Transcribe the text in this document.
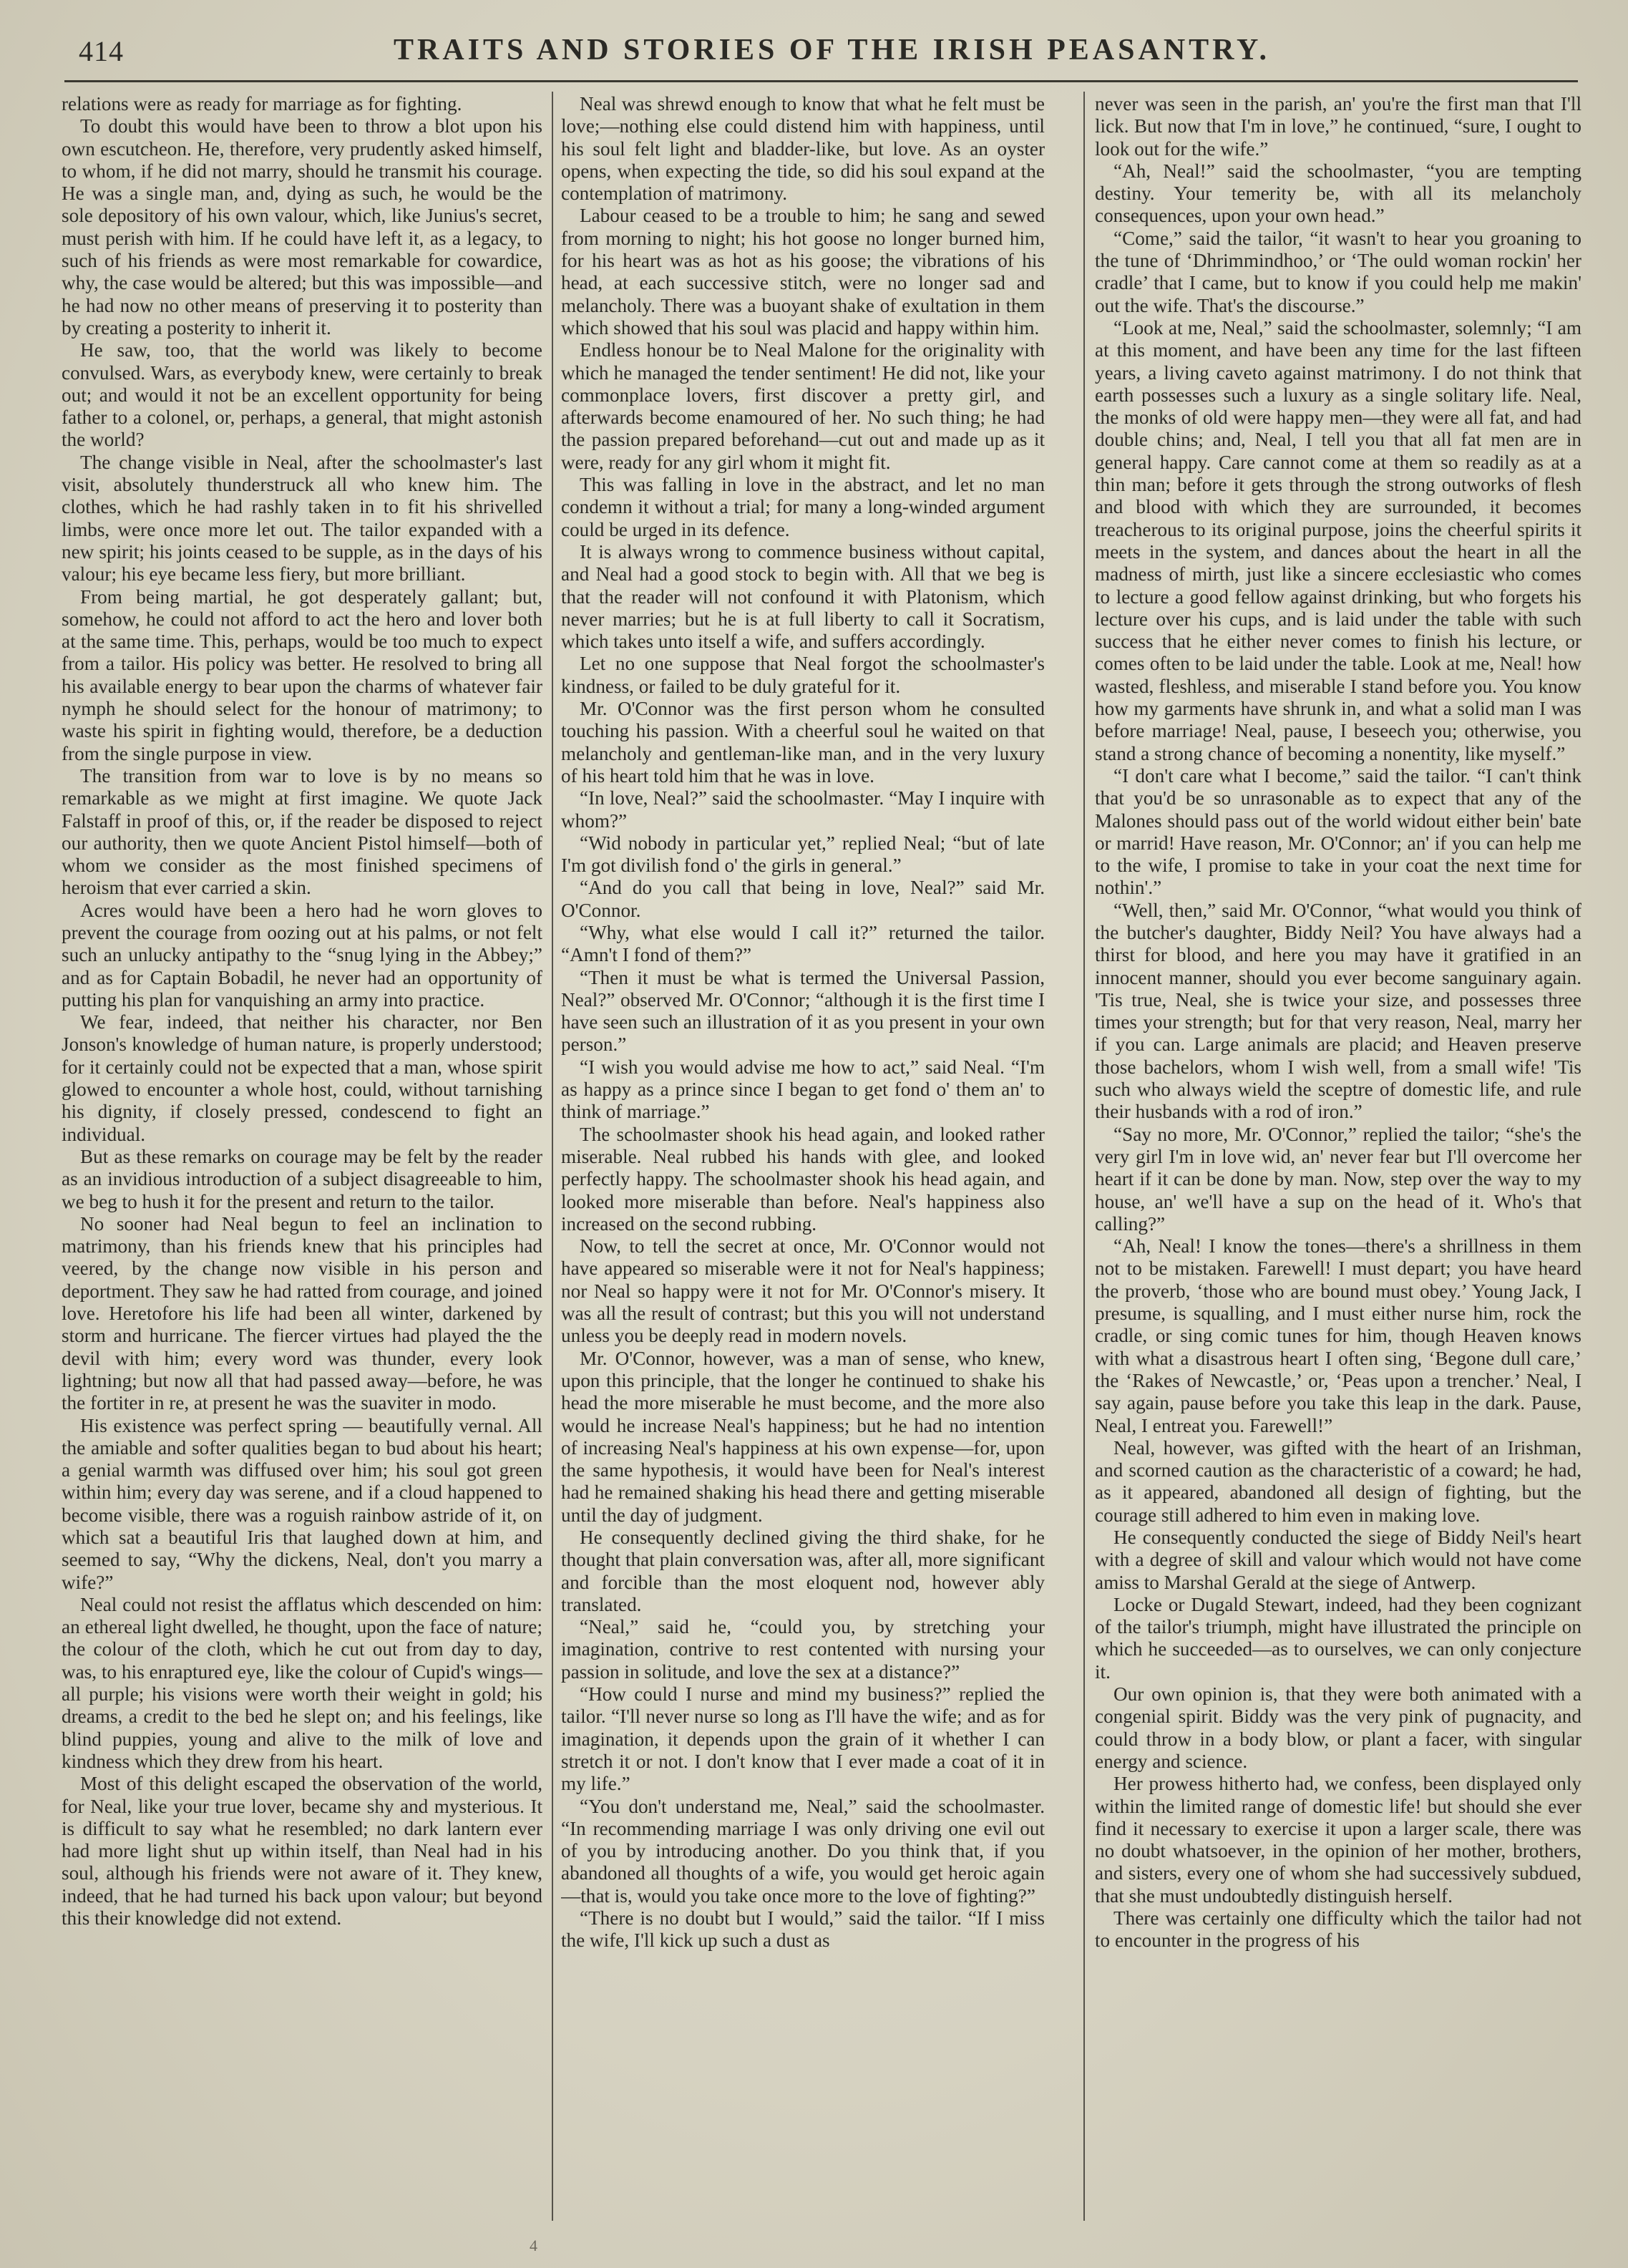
414	TRAITS AND STORIES OF THE IRISH PEASANTRY.

relations were as ready for marriage as for fighting.

To doubt this would have been to throw a blot upon his own escutcheon. He, therefore, very prudently asked himself, to whom, if he did not marry, should he transmit his courage. He was a single man, and, dying as such, he would be the sole depository of his own valour, which, like Junius's secret, must perish with him. If he could have left it, as a legacy, to such of his friends as were most remarkable for cowardice, why, the case would be altered; but this was impossible—and he had now no other means of preserving it to posterity than by creating a posterity to inherit it.

He saw, too, that the world was likely to become convulsed. Wars, as everybody knew, were certainly to break out; and would it not be an excellent opportunity for being father to a colonel, or, perhaps, a general, that might astonish the world?

The change visible in Neal, after the schoolmaster's last visit, absolutely thunderstruck all who knew him. The clothes, which he had rashly taken in to fit his shrivelled limbs, were once more let out. The tailor expanded with a new spirit; his joints ceased to be supple, as in the days of his valour; his eye became less fiery, but more brilliant.

From being martial, he got desperately gallant; but, somehow, he could not afford to act the hero and lover both at the same time. This, perhaps, would be too much to expect from a tailor. His policy was better. He resolved to bring all his available energy to bear upon the charms of whatever fair nymph he should select for the honour of matrimony; to waste his spirit in fighting would, therefore, be a deduction from the single purpose in view.

The transition from war to love is by no means so remarkable as we might at first imagine. We quote Jack Falstaff in proof of this, or, if the reader be disposed to reject our authority, then we quote Ancient Pistol himself—both of whom we consider as the most finished specimens of heroism that ever carried a skin.

Acres would have been a hero had he worn gloves to prevent the courage from oozing out at his palms, or not felt such an unlucky antipathy to the “snug lying in the Abbey;” and as for Captain Bobadil, he never had an opportunity of putting his plan for vanquishing an army into practice.

We fear, indeed, that neither his character, nor Ben Jonson's knowledge of human nature, is properly understood; for it certainly could not be expected that a man, whose spirit glowed to encounter a whole host, could, without tarnishing his dignity, if closely pressed, condescend to fight an individual.

But as these remarks on courage may be felt by the reader as an invidious introduction of a subject disagreeable to him, we beg to hush it for the present and return to the tailor.

No sooner had Neal begun to feel an inclination to matrimony, than his friends knew that his principles had veered, by the change now visible in his person and deportment. They saw he had ratted from courage, and joined love. Heretofore his life had been all winter, darkened by storm and hurricane. The fiercer virtues had played the the devil with him; every word was thunder, every look lightning; but now all that had passed away—before, he was the fortiter in re, at present he was the suaviter in modo.

His existence was perfect spring — beautifully vernal. All the amiable and softer qualities began to bud about his heart; a genial warmth was diffused over him; his soul got green within him; every day was serene, and if a cloud happened to become visible, there was a roguish rainbow astride of it, on which sat a beautiful Iris that laughed down at him, and seemed to say, “Why the dickens, Neal, don't you marry a wife?”

Neal could not resist the afflatus which descended on him: an ethereal light dwelled, he thought, upon the face of nature; the colour of the cloth, which he cut out from day to day, was, to his enraptured eye, like the colour of Cupid's wings—all purple; his visions were worth their weight in gold; his dreams, a credit to the bed he slept on; and his feelings, like blind puppies, young and alive to the milk of love and kindness which they drew from his heart.

Most of this delight escaped the observation of the world, for Neal, like your true lover, became shy and mysterious. It is difficult to say what he resembled; no dark lantern ever had more light shut up within itself, than Neal had in his soul, although his friends were not aware of it. They knew, indeed, that he had turned his back upon valour; but beyond this their knowledge did not extend.

Neal was shrewd enough to know that what he felt must be love;—nothing else could distend him with happiness, until his soul felt light and bladder-like, but love. As an oyster opens, when expecting the tide, so did his soul expand at the contemplation of matrimony.

Labour ceased to be a trouble to him; he sang and sewed from morning to night; his hot goose no longer burned him, for his heart was as hot as his goose; the vibrations of his head, at each successive stitch, were no longer sad and melancholy. There was a buoyant shake of exultation in them which showed that his soul was placid and happy within him.

Endless honour be to Neal Malone for the originality with which he managed the tender sentiment! He did not, like your commonplace lovers, first discover a pretty girl, and afterwards become enamoured of her. No such thing; he had the passion prepared beforehand—cut out and made up as it were, ready for any girl whom it might fit.

This was falling in love in the abstract, and let no man condemn it without a trial; for many a long-winded argument could be urged in its defence.

It is always wrong to commence business without capital, and Neal had a good stock to begin with. All that we beg is that the reader will not confound it with Platonism, which never marries; but he is at full liberty to call it Socratism, which takes unto itself a wife, and suffers accordingly.

Let no one suppose that Neal forgot the schoolmaster's kindness, or failed to be duly grateful for it.

Mr. O'Connor was the first person whom he consulted touching his passion. With a cheerful soul he waited on that melancholy and gentleman-like man, and in the very luxury of his heart told him that he was in love.

“In love, Neal?” said the schoolmaster. “May I inquire with whom?”

“Wid nobody in particular yet,” replied Neal; “but of late I'm got divilish fond o' the girls in general.”

“And do you call that being in love, Neal?” said Mr. O'Connor.

“Why, what else would I call it?” returned the tailor. “Amn't I fond of them?”

“Then it must be what is termed the Universal Passion, Neal?” observed Mr. O'Connor; “although it is the first time I have seen such an illustration of it as you present in your own person.”

“I wish you would advise me how to act,” said Neal. “I'm as happy as a prince since I began to get fond o' them an' to think of marriage.”

The schoolmaster shook his head again, and looked rather miserable. Neal rubbed his hands with glee, and looked perfectly happy. The schoolmaster shook his head again, and looked more miserable than before. Neal's happiness also increased on the second rubbing.

Now, to tell the secret at once, Mr. O'Connor would not have appeared so miserable were it not for Neal's happiness; nor Neal so happy were it not for Mr. O'Connor's misery. It was all the result of contrast; but this you will not understand unless you be deeply read in modern novels.

Mr. O'Connor, however, was a man of sense, who knew, upon this principle, that the longer he continued to shake his head the more miserable he must become, and the more also would he increase Neal's happiness; but he had no intention of increasing Neal's happiness at his own expense—for, upon the same hypothesis, it would have been for Neal's interest had he remained shaking his head there and getting miserable until the day of judgment.

He consequently declined giving the third shake, for he thought that plain conversation was, after all, more significant and forcible than the most eloquent nod, however ably translated.

“Neal,” said he, “could you, by stretching your imagination, contrive to rest contented with nursing your passion in solitude, and love the sex at a distance?”

“How could I nurse and mind my business?” replied the tailor. “I'll never nurse so long as I'll have the wife; and as for imagination, it depends upon the grain of it whether I can stretch it or not. I don't know that I ever made a coat of it in my life.”

“You don't understand me, Neal,” said the schoolmaster. “In recommending marriage I was only driving one evil out of you by introducing another. Do you think that, if you abandoned all thoughts of a wife, you would get heroic again—that is, would you take once more to the love of fighting?”

“There is no doubt but I would,” said the tailor. “If I miss the wife, I'll kick up such a dust as

never was seen in the parish, an' you're the first man that I'll lick. But now that I'm in love,” he continued, “sure, I ought to look out for the wife.”

“Ah, Neal!” said the schoolmaster, “you are tempting destiny. Your temerity be, with all its melancholy consequences, upon your own head.”

“Come,” said the tailor, “it wasn't to hear you groaning to the tune of ‘Dhrimmindhoo,’ or ‘The ould woman rockin' her cradle’ that I came, but to know if you could help me makin' out the wife. That's the discourse.”

“Look at me, Neal,” said the schoolmaster, solemnly; “I am at this moment, and have been any time for the last fifteen years, a living caveto against matrimony. I do not think that earth possesses such a luxury as a single solitary life. Neal, the monks of old were happy men—they were all fat, and had double chins; and, Neal, I tell you that all fat men are in general happy. Care cannot come at them so readily as at a thin man; before it gets through the strong outworks of flesh and blood with which they are surrounded, it becomes treacherous to its original purpose, joins the cheerful spirits it meets in the system, and dances about the heart in all the madness of mirth, just like a sincere ecclesiastic who comes to lecture a good fellow against drinking, but who forgets his lecture over his cups, and is laid under the table with such success that he either never comes to finish his lecture, or comes often to be laid under the table. Look at me, Neal! how wasted, fleshless, and miserable I stand before you. You know how my garments have shrunk in, and what a solid man I was before marriage! Neal, pause, I beseech you; otherwise, you stand a strong chance of becoming a nonentity, like myself.”

“I don't care what I become,” said the tailor. “I can't think that you'd be so unrasonable as to expect that any of the Malones should pass out of the world widout either bein' bate or marrid! Have reason, Mr. O'Connor; an' if you can help me to the wife, I promise to take in your coat the next time for nothin'.”

“Well, then,” said Mr. O'Connor, “what would you think of the butcher's daughter, Biddy Neil? You have always had a thirst for blood, and here you may have it gratified in an innocent manner, should you ever become sanguinary again. 'Tis true, Neal, she is twice your size, and possesses three times your strength; but for that very reason, Neal, marry her if you can. Large animals are placid; and Heaven preserve those bachelors, whom I wish well, from a small wife! 'Tis such who always wield the sceptre of domestic life, and rule their husbands with a rod of iron.”

“Say no more, Mr. O'Connor,” replied the tailor; “she's the very girl I'm in love wid, an' never fear but I'll overcome her heart if it can be done by man. Now, step over the way to my house, an' we'll have a sup on the head of it. Who's that calling?”

“Ah, Neal! I know the tones—there's a shrillness in them not to be mistaken. Farewell! I must depart; you have heard the proverb, ‘those who are bound must obey.’ Young Jack, I presume, is squalling, and I must either nurse him, rock the cradle, or sing comic tunes for him, though Heaven knows with what a disastrous heart I often sing, ‘Begone dull care,’ the ‘Rakes of Newcastle,’ or, ‘Peas upon a trencher.’ Neal, I say again, pause before you take this leap in the dark. Pause, Neal, I entreat you. Farewell!”

Neal, however, was gifted with the heart of an Irishman, and scorned caution as the characteristic of a coward; he had, as it appeared, abandoned all design of fighting, but the courage still adhered to him even in making love.

He consequently conducted the siege of Biddy Neil's heart with a degree of skill and valour which would not have come amiss to Marshal Gerald at the siege of Antwerp.

Locke or Dugald Stewart, indeed, had they been cognizant of the tailor's triumph, might have illustrated the principle on which he succeeded—as to ourselves, we can only conjecture it.

Our own opinion is, that they were both animated with a congenial spirit. Biddy was the very pink of pugnacity, and could throw in a body blow, or plant a facer, with singular energy and science.

Her prowess hitherto had, we confess, been displayed only within the limited range of domestic life! but should she ever find it necessary to exercise it upon a larger scale, there was no doubt whatsoever, in the opinion of her mother, brothers, and sisters, every one of whom she had successively subdued, that she must undoubtedly distinguish herself.

There was certainly one difficulty which the tailor had not to encounter in the progress of his

4
